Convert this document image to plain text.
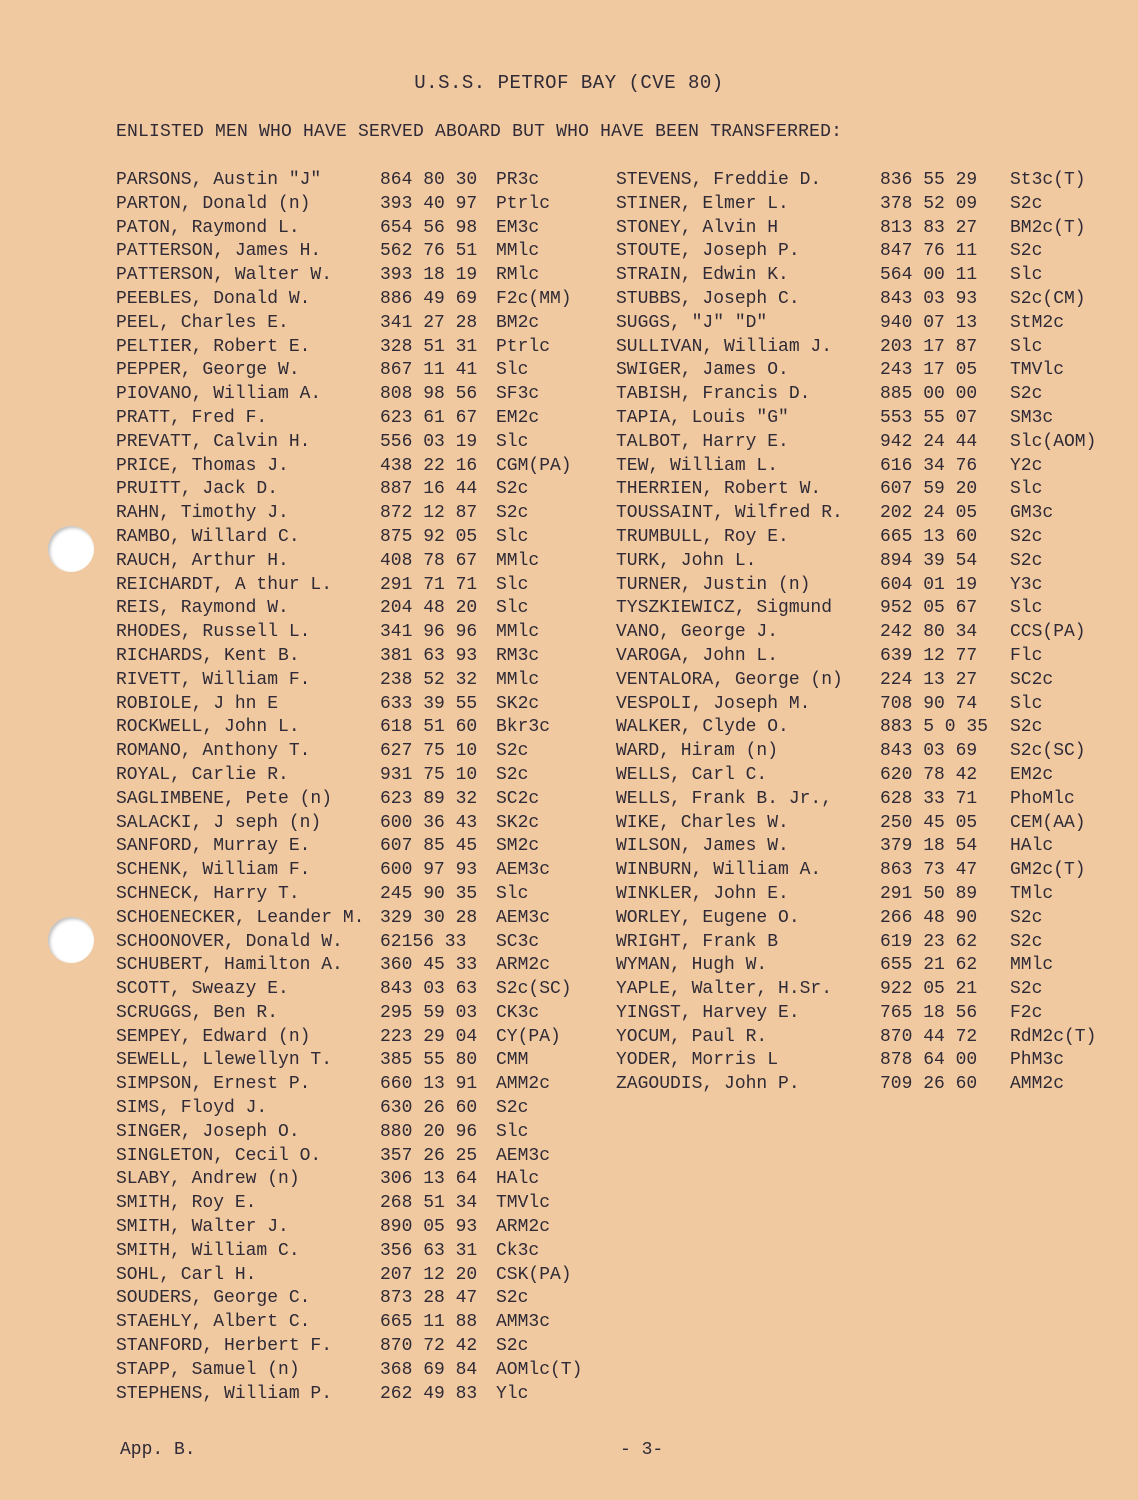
U.S.S. PETROF BAY (CVE 80)
ENLISTED MEN WHO HAVE SERVED ABOARD BUT WHO HAVE BEEN TRANSFERRED:
PARSONS, Austin "J"	864 80 30 PR3c
PARTON, Donald (n)	393 40 97 Ptrlc
PATON, Raymond L.	654 56 98 EM3c
PATTERSON, James H.	562 76 51 MMlc
PATTERSON, Walter W.	393 18 19 RMlc
PEEBLES, Donald W.	886 49 69 F2c(MM)
PEEL, Charles E.	341 27 28 BM2c
PELTIER, Robert E.	328 51 31 Ptrlc
PEPPER, George W.	867 11 41 Slc
PIOVANO, William A.	808 98 56 SF3c
PRATT, Fred F.	623 61 67 EM2c
PREVATT, Calvin H.	556 03 19 Slc
PRICE, Thomas J.	438 22 16 CGM(PA)
PRUITT, Jack D.	887 16 44 S2c
RAHN, Timothy J.	872 12 87 S2c
RAMBO, Willard C.	875 92 05 Slc
RAUCH, Arthur H.	408 78 67 MMlc
REICHARDT, A thur L.	291 71 71 Slc
REIS, Raymond W.	204 48 20 Slc
RHODES, Russell L.	341 96 96 MMlc
RICHARDS, Kent B.	381 63 93 RM3c
RIVETT, William F.	238 52 32 MMlc
ROBIOLE, J hn E	633 39 55 SK2c
ROCKWELL, John L.	618 51 60 Bkr3c
ROMANO, Anthony T.	627 75 10 S2c
ROYAL, Carlie R.	931 75 10 S2c
SAGLIMBENE, Pete (n)	623 89 32 SC2c
SALACKI, J seph (n)	600 36 43 SK2c
SANFORD, Murray E.	607 85 45 SM2c
SCHENK, William F.	600 97 93 AEM3c
SCHNECK, Harry T.	245 90 35 Slc
SCHOENECKER, Leander M. 329 30 28 AEM3c
SCHOONOVER, Donald W. 62156 33 SC3c
SCHUBERT, Hamilton A. 360 45 33 ARM2c
SCOTT, Sweazy E.	843 03 63 S2c(SC)
SCRUGGS, Ben R.	295 59 03 CK3c
SEMPEY, Edward (n)	223 29 04 CY(PA)
SEWELL, Llewellyn T.	385 55 80 CMM
SIMPSON, Ernest P.	660 13 91 AMM2c
SIMS, Floyd J.	630 26 60 S2c
SINGER, Joseph O.	880 20 96 Slc
SINGLETON, Cecil O.	357 26 25 AEM3c
SLABY, Andrew (n)	306 13 64 HAlc
SMITH, Roy E.	268 51 34 TMVlc
SMITH, Walter J.	890 05 93 ARM2c
SMITH, William C.	356 63 31 Ck3c
SOHL, Carl H.	207 12 20 CSK(PA)
SOUDERS, George C.	873 28 47 S2c
STAEHLY, Albert C.	665 11 88 AMM3c
STANFORD, Herbert F.	870 72 42 S2c
STAPP, Samuel (n)	368 69 84 AOMlc(T)
STEPHENS, William P.	262 49 83 Ylc
STEVENS, Freddie D.	836 55 29 St3c(T)
STINER, Elmer L.	378 52 09 S2c
STONEY, Alvin H	813 83 27 BM2c(T)
STOUTE, Joseph P.	847 76 11 S2c
STRAIN, Edwin K.	564 00 11 Slc
STUBBS, Joseph C.	843 03 93 S2c(CM)
SUGGS, "J" "D"	940 07 13 StM2c
SULLIVAN, William J.	203 17 87 Slc
SWIGER, James O.	243 17 05 TMVlc
TABISH, Francis D.	885 00 00 S2c
TAPIA, Louis "G"	553 55 07 SM3c
TALBOT, Harry E.	942 24 44 Slc(AOM)
TEW, William L.	616 34 76 Y2c
THERRIEN, Robert W.	607 59 20 Slc
TOUSSAINT, Wilfred R. 202 24 05 GM3c
TRUMBULL, Roy E.	665 13 60 S2c
TURK, John L.	894 39 54 S2c
TURNER, Justin (n)	604 01 19 Y3c
TYSZKIEWICZ, Sigmund	952 05 67 Slc
VANO, George J.	242 80 34 CCS(PA)
VAROGA, John L.	639 12 77 Flc
VENTALORA, George (n) 224 13 27 SC2c
VESPOLI, Joseph M.	708 90 74 Slc
WALKER, Clyde O.	883 5 0 35 S2c
WARD, Hiram (n)	843 03 69 S2c(SC)
WELLS, Carl C.	620 78 42 EM2c
WELLS, Frank B. Jr.,	628 33 71 PhoMlc
WIKE, Charles W.	250 45 05 CEM(AA)
WILSON, James W.	379 18 54 HAlc
WINBURN, William A.	863 73 47 GM2c(T)
WINKLER, John E.	291 50 89 TMlc
WORLEY, Eugene O.	266 48 90 S2c
WRIGHT, Frank B	619 23 62 S2c
WYMAN, Hugh W.	655 21 62 MMlc
YAPLE, Walter, H.Sr.	922 05 21 S2c
YINGST, Harvey E.	765 18 56 F2c
YOCUM, Paul R.	870 44 72 RdM2c(T)
YODER, Morris L	878 64 00 PhM3c
ZAGOUDIS, John P.	709 26 60 AMM2c
App. B.	- 3-
